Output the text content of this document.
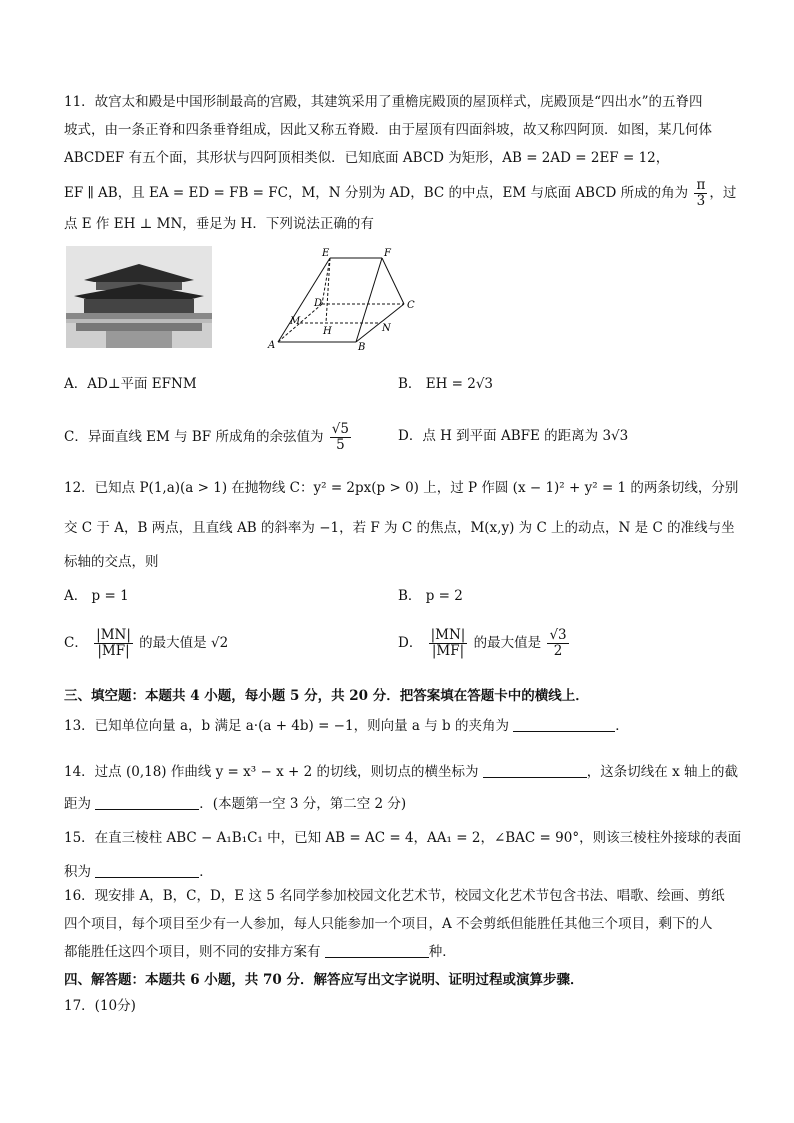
11．故宫太和殿是中国形制最高的宫殿，其建筑采用了重檐庑殿顶的屋顶样式，庑殿顶是“四出水”的五脊四
坡式，由一条正脊和四条垂脊组成，因此又称五脊殿．由于屋顶有四面斜坡，故又称四阿顶．如图，某几何体
ABCDEF 有五个面，其形状与四阿顶相类似．已知底面 ABCD 为矩形，AB = 2AD = 2EF = 12，
EF ∥ AB，且 EA = ED = FB = FC，M，N 分别为 AD，BC 的中点，EM 与底面 ABCD 所成的角为 $\frac{\pi}{3}$ ，过
点 E 作 EH ⊥ MN，垂足为 H．下列说法正确的有
E	F
D	C
M
H	N
A	B
A．AD⊥平面 EFNM	B． EH = 2√3
C．异面直线 EM 与 BF 所成角的余弦值为 $\frac{√5}{5}$	D．点 H 到平面 ABFE 的距离为 3√3
12．已知点 P(1,a)(a > 1) 在抛物线 C：y² = 2px(p > 0) 上，过 P 作圆 (x − 1)² + y² = 1 的两条切线，分别
交 C 于 A，B 两点，且直线 AB 的斜率为 −1，若 F 为 C 的焦点，M(x,y) 为 C 上的动点，N 是 C 的准线与坐
标轴的交点，则
A． p = 1	B． p = 2
C． $\frac{|MN|}{|MF|}$ 的最大值是 √2	D． $\frac{|MN|}{|MF|}$ 的最大值是 $\frac{√3}{2}$
三、填空题：本题共 4 小题，每小题 5 分，共 20 分．把答案填在答题卡中的横线上．
13．已知单位向量 a，b 满足 a·(a + 4b) = −1，则向量 a 与 b 的夹角为	．
14．过点 (0,18) 作曲线 y = x³ − x + 2 的切线，则切点的横坐标为	，这条切线在 x 轴上的截
距为	．(本题第一空 3 分，第二空 2 分)
15．在直三棱柱 ABC − A₁B₁C₁ 中，已知 AB = AC = 4，AA₁ = 2，∠BAC = 90°，则该三棱柱外接球的表面
积为	．
16．现安排 A，B，C，D，E 这 5 名同学参加校园文化艺术节，校园文化艺术节包含书法、唱歌、绘画、剪纸
四个项目，每个项目至少有一人参加，每人只能参加一个项目，A 不会剪纸但能胜任其他三个项目，剩下的人
都能胜任这四个项目，则不同的安排方案有	种．
四、解答题：本题共 6 小题，共 70 分．解答应写出文字说明、证明过程或演算步骤．
17．(10分)
